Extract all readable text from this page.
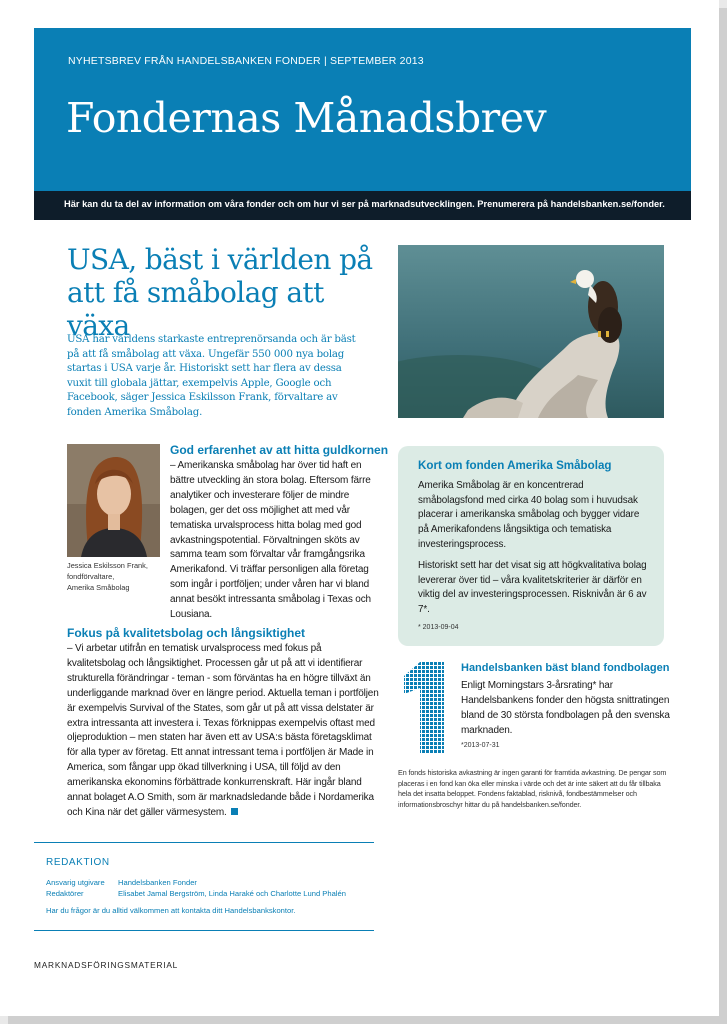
NYHETSBREV FRÅN HANDELSBANKEN FONDER | SEPTEMBER 2013
Fondernas Månadsbrev
Här kan du ta del av information om våra fonder och om hur vi ser på marknadsutvecklingen. Prenumerera på handelsbanken.se/fonder.
USA, bäst i världen på
att få småbolag att växa
USA har världens starkaste entreprenörsanda och är bäst på att få småbolag att växa. Ungefär 550 000 nya bolag startas i USA varje år. Historiskt sett har flera av dessa vuxit till globala jättar, exempelvis Apple, Google och Facebook, säger Jessica Eskilsson Frank, förvaltare av fonden Amerika Småbolag.
Jessica Eskilsson Frank,
fondförvaltare,
Amerika Småbolag
God erfarenhet av att hitta guldkornen
– Amerikanska småbolag har över tid haft en bättre utveckling än stora bolag. Eftersom färre analytiker och investerare följer de mindre bolagen, ger det oss möjlighet att med vår tematiska urvalsprocess hitta bolag med god avkastningspotential. Förvaltningen sköts av samma team som förvaltar vår framgångsrika Amerikafond. Vi träffar personligen alla företag som ingår i portföljen; under våren har vi bland annat besökt intressanta småbolag i Texas och Lousiana.
Fokus på kvalitetsbolag och långsiktighet
– Vi arbetar utifrån en tematisk urvalsprocess med fokus på kvalitetsbolag och långsiktighet. Processen går ut på att vi identifierar strukturella förändringar - teman - som förväntas ha en högre tillväxt än underliggande marknad över en längre period. Aktuella teman i portföljen är exempelvis Survival of the States, som går ut på att vissa delstater är extra intressanta att investera i. Texas förknippas exempelvis oftast med oljeproduktion – men staten har även ett av USA:s bästa företagsklimat för alla typer av företag. Ett annat intressant tema i portföljen är Made in America, som fångar upp ökad tillverkning i USA, till följd av den amerikanska ekonomins förbättrade konkurrenskraft. Här ingår bland annat bolaget A.O Smith, som är marknadsledande både i Nordamerika och Kina när det gäller värmesystem.
Kort om fonden Amerika Småbolag
Amerika Småbolag är en koncentrerad småbolagsfond med cirka 40 bolag som i huvudsak placerar i amerikanska småbolag och bygger vidare på Amerikafondens långsiktiga och tematiska investeringsprocess.
Historiskt sett har det visat sig att högkvalitativa bolag levererar över tid – våra kvalitetskriterier är därför en viktig del av investeringsprocessen. Risknivån är 6 av 7*.
* 2013-09-04
Handelsbanken bäst bland fondbolagen
Enligt Morningstars 3-årsrating* har Handelsbankens fonder den högsta snittratingen bland de 30 största fondbolagen på den svenska marknaden.
*2013-07-31
En fonds historiska avkastning är ingen garanti för framtida avkastning. De pengar som placeras i en fond kan öka eller minska i värde och det är inte säkert att du får tillbaka hela det insatta beloppet. Fondens faktablad, risknivå, fondbestämmelser och informationsbroschyr hittar du på handelsbanken.se/fonder.
REDAKTION
Ansvarig utgivare Handelsbanken Fonder
Redaktörer	Elisabet Jamal Bergström, Linda Haraké och Charlotte Lund Phalén
Har du frågor är du alltid välkommen att kontakta ditt Handelsbankskontor.
MARKNADSFÖRINGSMATERIAL
